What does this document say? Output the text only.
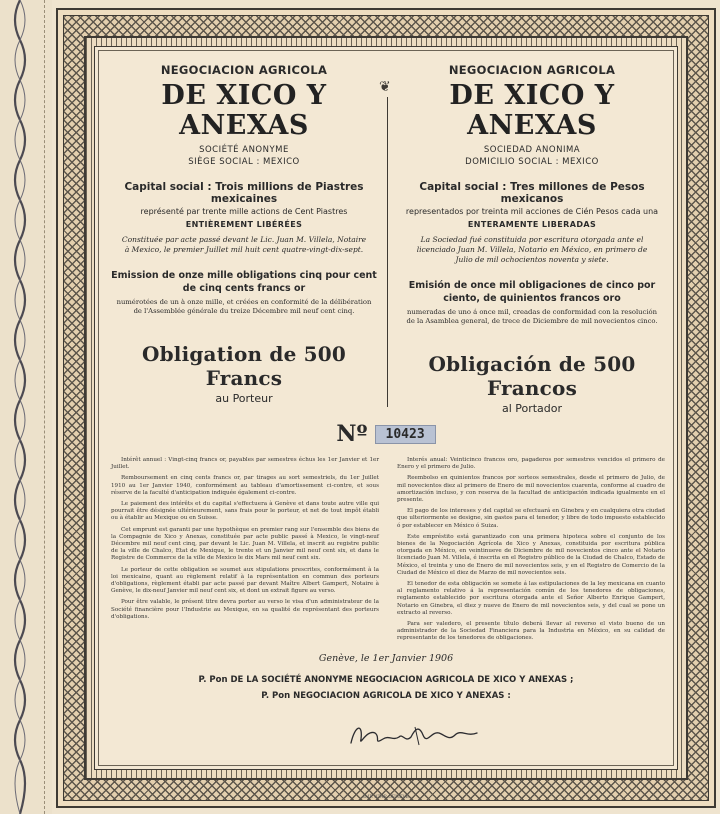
❦
NEGOCIACION AGRICOLA
DE XICO Y ANEXAS
SOCIÉTÉ ANONYME
SIÈGE SOCIAL : MEXICO
Capital social : Trois millions de Piastres mexicaines
représenté par trente mille actions de Cent Piastres
ENTIÈREMENT LIBÉRÉES
Constituée par acte passé devant le Lic. Juan M. Villela, Notaire à Mexico, le premier Juillet mil huit cent quatre-vingt-dix-sept.
Emission de onze mille obligations cinq pour cent de cinq cents francs or
numérotées de un à onze mille, et créées en conformité de la délibération de l'Assemblée générale du treize Décembre mil neuf cent cinq.
Obligation de 500 Francs
au Porteur
NEGOCIACION AGRICOLA
DE XICO Y ANEXAS
SOCIEDAD ANONIMA
DOMICILIO SOCIAL : MEXICO
Capital social : Tres millones de Pesos mexicanos
representados por treinta mil acciones de Cién Pesos cada una
ENTERAMENTE LIBERADAS
La Sociedad fué constituida por escritura otorgada ante el licenciado Juan M. Villela, Notario en México, en primero de Julio de mil ochocientos noventa y siete.
Emisión de once mil obligaciones de cinco por ciento, de quinientos francos oro
numeradas de uno á once mil, creadas de conformidad con la resolución de la Asamblea general, de trece de Diciembre de mil novecientos cinco.
Obligación de 500 Francos
al Portador
Nº 10423

Intérêt annuel : Vingt-cinq francs or, payables par semestres échus les 1er Janvier et 1er Juillet.

Remboursement en cinq cents francs or, par tirages au sort semestriels, du 1er Juillet 1910 au 1er Janvier 1940, conformément au tableau d'amortissement ci-contre, et sous réserve de la faculté d'anticipation indiquée également ci-contre.

Le paiement des intérêts et du capital s'effectuera à Genève et dans toute autre ville qui pourrait être désignée ultérieurement, sans frais pour le porteur, et net de tout impôt établi ou à établir au Mexique ou en Suisse.

Cet emprunt est garanti par une hypothèque en premier rang sur l'ensemble des biens de la Compagnie de Xico y Anexas, constituée par acte public passé à Mexico, le vingt-neuf Décembre mil neuf cent cinq, par devant le Lic. Juan M. Villela, et inscrit au registre public de la ville de Chalco, Etat de Mexique, le trente et un Janvier mil neuf cent six, et dans le Registre de Commerce de la ville de Mexico le dix Mars mil neuf cent six.

Le porteur de cette obligation se soumet aux stipulations prescrites, conformément à la loi mexicaine, quant au règlement relatif à la représentation en commun des porteurs d'obligations, règlement établi par acte passé par devant Maître Albert Gampert, Notaire à Genève, le dix-neuf Janvier mil neuf cent six, et dont un extrait figure au verso.

Pour être valable, le présent titre devra porter au verso le visa d'un administrateur de la Société financière pour l'Industrie au Mexique, en sa qualité de représentant des porteurs d'obligations.

Interés anual: Veinticinco francos oro, pagaderos por semestres vencidos el primero de Enero y el primero de Julio.

Reembolso en quinientos francos por sorteos semestrales, desde el primero de Julio, de mil novecientos diez al primero de Enero de mil novecientos cuarenta, conforme al cuadro de amortización incluso, y con reserva de la facultad de anticipación indicada igualmente en el presente.

El pago de los intereses y del capital se efectuará en Ginebra y en cualquiera otra ciudad que ulteriormente se designe, sin gastos para el tenedor, y libre de todo impuesto establecido ó por establecer en México ó Suiza.

Este empréstito está garantizado con una primera hipoteca sobre el conjunto de los bienes de la Negociación Agrícola de Xico y Anexas, constituida por escritura pública otorgada en México, en veintinueve de Diciembre de mil novecientos cinco ante el Notario licenciado Juan M. Villela, é inscrita en el Registro público de la Ciudad de Chalco, Estado de México, el treinta y uno de Enero de mil novecientos seis, y en el Registro de Comercio de la Ciudad de México el diez de Marzo de mil novecientos seis.

El tenedor de esta obligación se somete á las estipulaciones de la ley mexicana en cuanto al reglamento relativo á la representación común de los tenedores de obligaciones, reglamento establecido por escritura otorgada ante el Señor Alberto Enrique Gampert, Notario en Ginebra, el diez y nueve de Enero de mil novecientos seis, y del cual se pone un extracto al reverso.

Para ser valedero, el presente título deberá llevar al reverso el visto bueno de un administrador de la Sociedad Financiera para la Industria en México, en su calidad de representante de los tenedores de obligaciones.

Genève, le 1er Janvier 1906
P. Pon DE LA SOCIÉTÉ ANONYME NEGOCIACION AGRICOLA DE XICO Y ANEXAS ;
P. Pon NEGOCIACION AGRICOLA DE XICO Y ANEXAS :
IMP. ATAR GENÈVE
